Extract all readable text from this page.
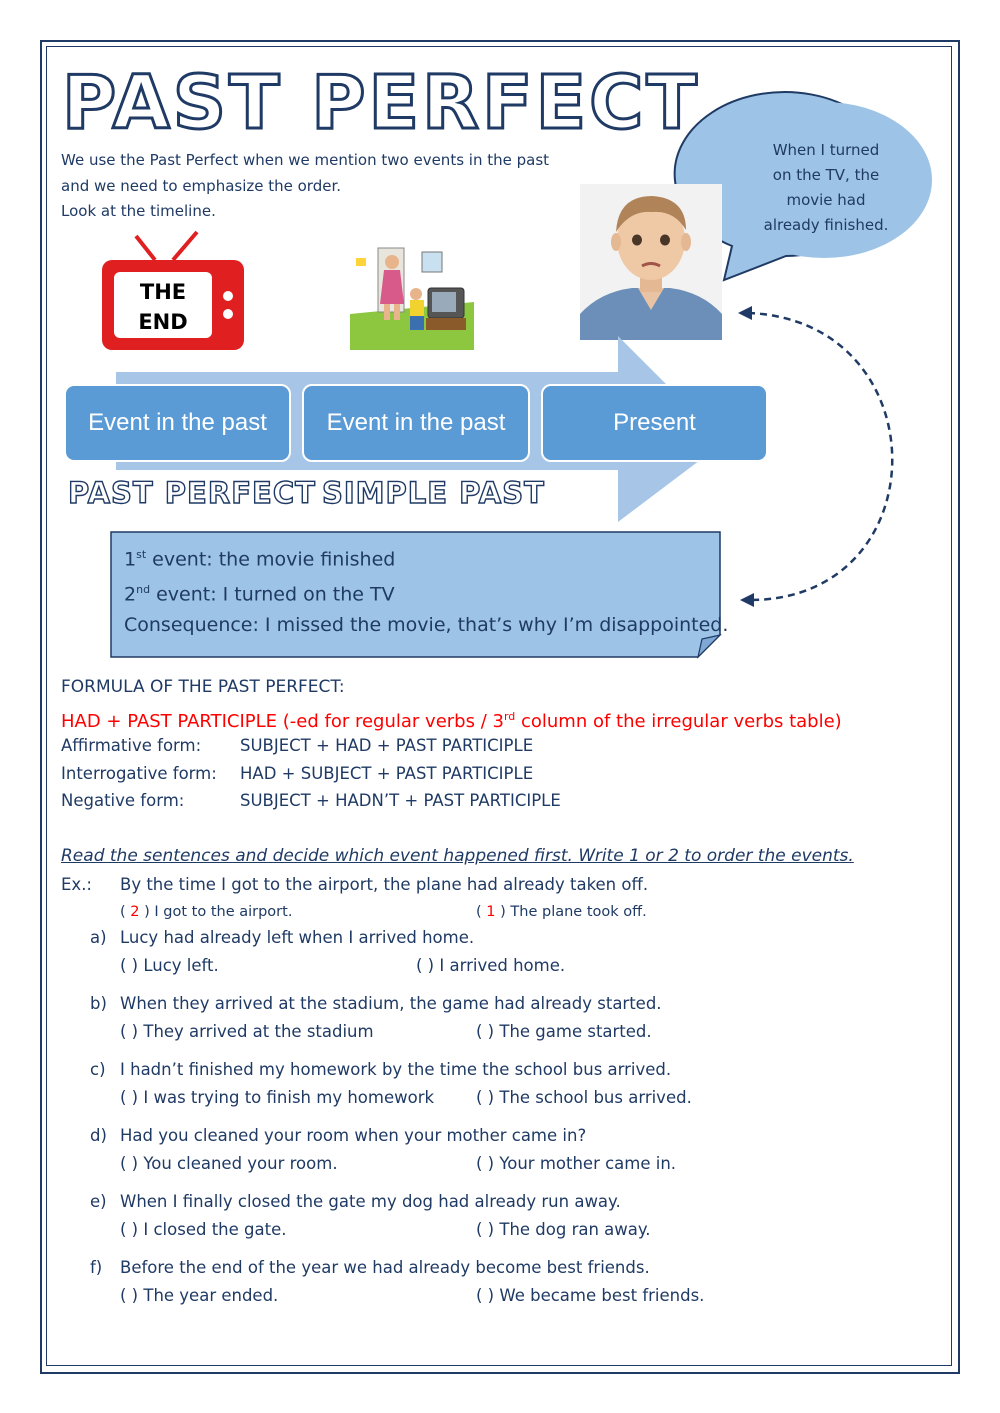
PAST PERFECT
We use the Past Perfect when we mention two events in the past
and we need to emphasize the order.
Look at the timeline.
When I turned
on the TV, the
movie had
already finished.
THE
END
Event in the past	Event in the past	Present
PAST PERFECT SIMPLE PAST
1st event: the movie finished
2nd event: I turned on the TV
Consequence: I missed the movie, that’s why I’m disappointed.
FORMULA OF THE PAST PERFECT:
HAD + PAST PARTICIPLE (-ed for regular verbs / 3rd column of the irregular verbs table)
Affirmative form: SUBJECT + HAD + PAST PARTICIPLE
Interrogative form: HAD + SUBJECT + PAST PARTICIPLE
Negative form:	SUBJECT + HADN’T + PAST PARTICIPLE
Read the sentences and decide which event happened first. Write 1 or 2 to order the events.
Ex.: By the time I got to the airport, the plane had already taken off.
( 2 ) I got to the airport.	( 1 ) The plane took off.
a) Lucy had already left when I arrived home.
( ) Lucy left.	( ) I arrived home.
b) When they arrived at the stadium, the game had already started.
( ) They arrived at the stadium	( ) The game started.
c) I hadn’t finished my homework by the time the school bus arrived.
( ) I was trying to finish my homework	( ) The school bus arrived.
d) Had you cleaned your room when your mother came in?
( ) You cleaned your room.	( ) Your mother came in.
e) When I finally closed the gate my dog had already run away.
( ) I closed the gate.	( ) The dog ran away.
f) Before the end of the year we had already become best friends.
( ) The year ended.	( ) We became best friends.
